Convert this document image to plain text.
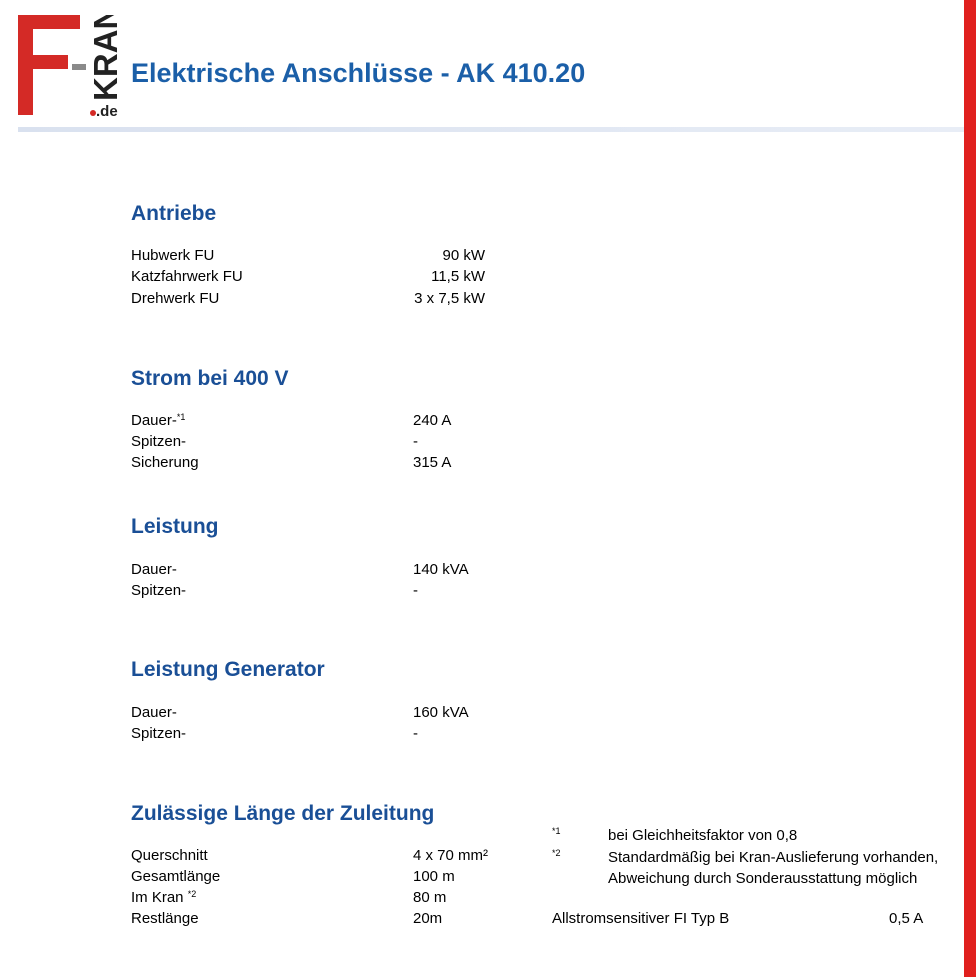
KRAN
.de
Elektrische Anschlüsse - AK 410.20
Antriebe
Hubwerk FU	90 kW
Katzfahrwerk FU	11,5 kW
Drehwerk FU	3 x 7,5 kW
Strom bei 400 V
Dauer-$^{*1}$	240 A
Spitzen-	-
Sicherung	315 A
Leistung
Dauer-	140 kVA
Spitzen-	-
Leistung Generator
Dauer-	160 kVA
Spitzen-	-
Zulässige Länge der Zuleitung
Querschnitt	4 x 70 mm²
Gesamtlänge	100 m
Im Kran $^{*2}$	80 m
Restlänge	20m
*1	bei Gleichheitsfaktor von 0,8
*2	Standardmäßig bei Kran-Auslieferung vorhanden,
Abweichung durch Sonderausstattung möglich
Allstromsensitiver FI Typ B	0,5 A
